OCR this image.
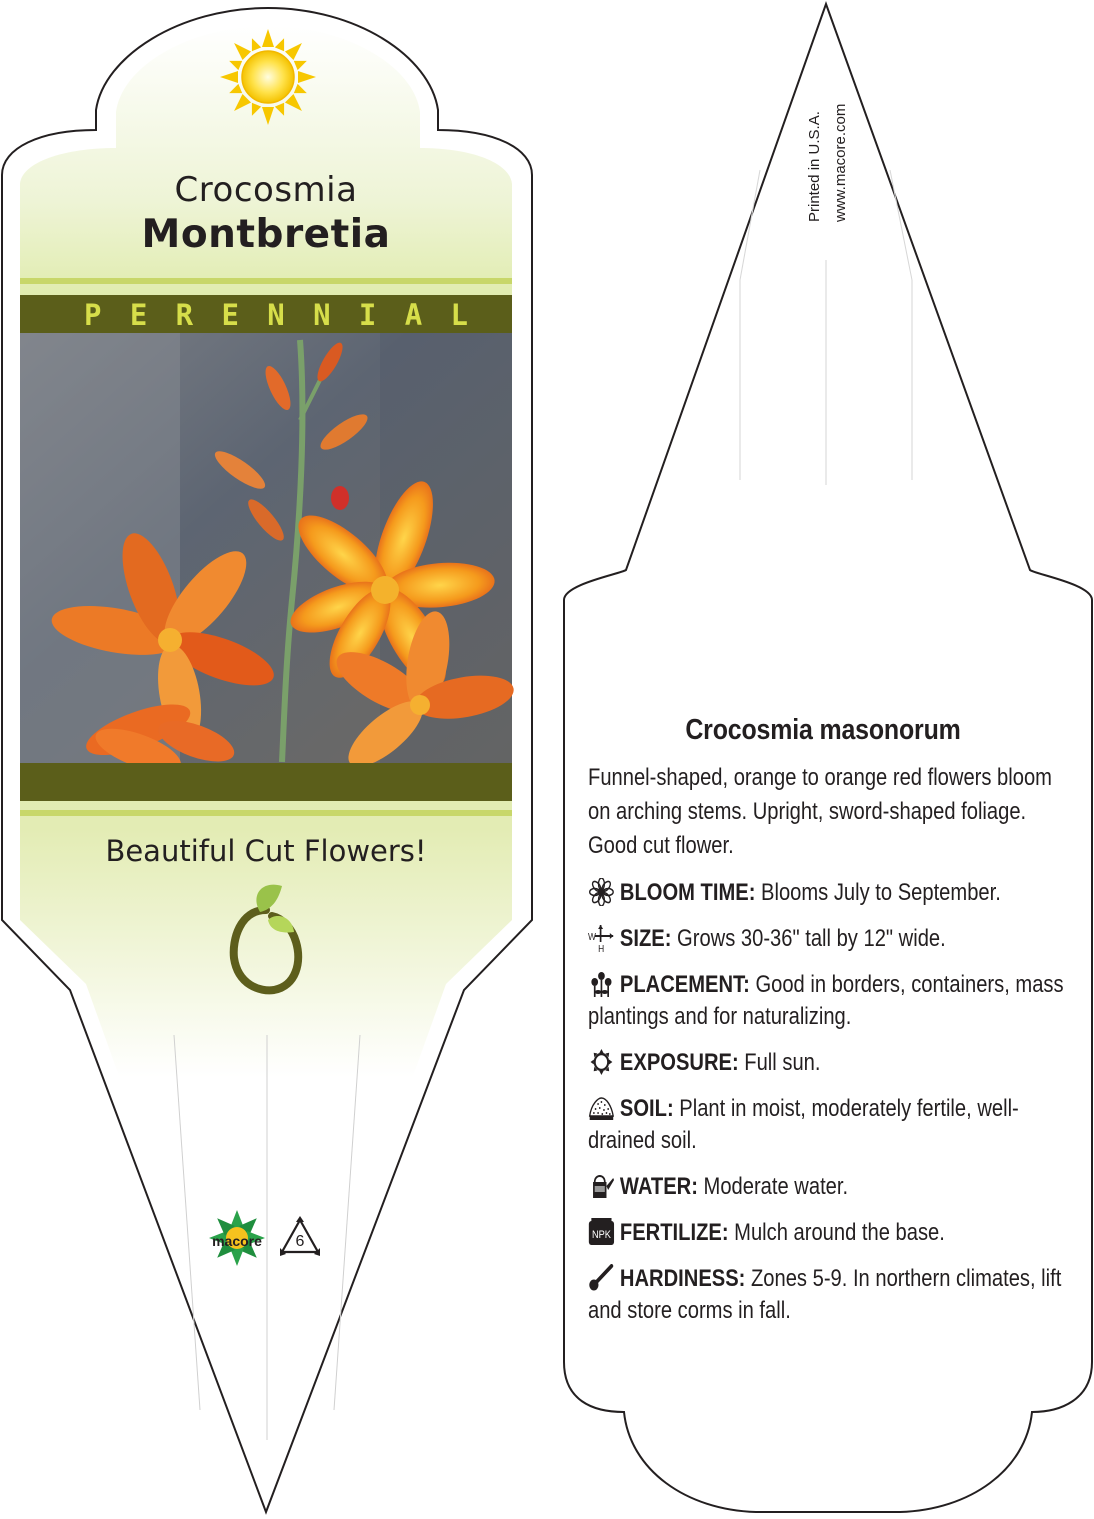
Crocosmia
Montbretia
P E R E N N I A L
Beautiful Cut Flowers!
macore	6
Printed in U.S.A. www.macore.com
Crocosmia masonorum
Funnel-shaped, orange to orange red flowers bloom on arching stems. Upright, sword-shaped foliage. Good cut flower.
BLOOM TIME: Blooms July to September.
W
H SIZE: Grows 30-36" tall by 12" wide.
PLACEMENT: Good in borders, containers, mass plantings and for naturalizing.
EXPOSURE: Full sun.
SOIL: Plant in moist, moderately fertile, well-drained soil.
WATER: Moderate water.
NPK FERTILIZE: Mulch around the base.
HARDINESS: Zones 5-9. In northern climates, lift and store corms in fall.
